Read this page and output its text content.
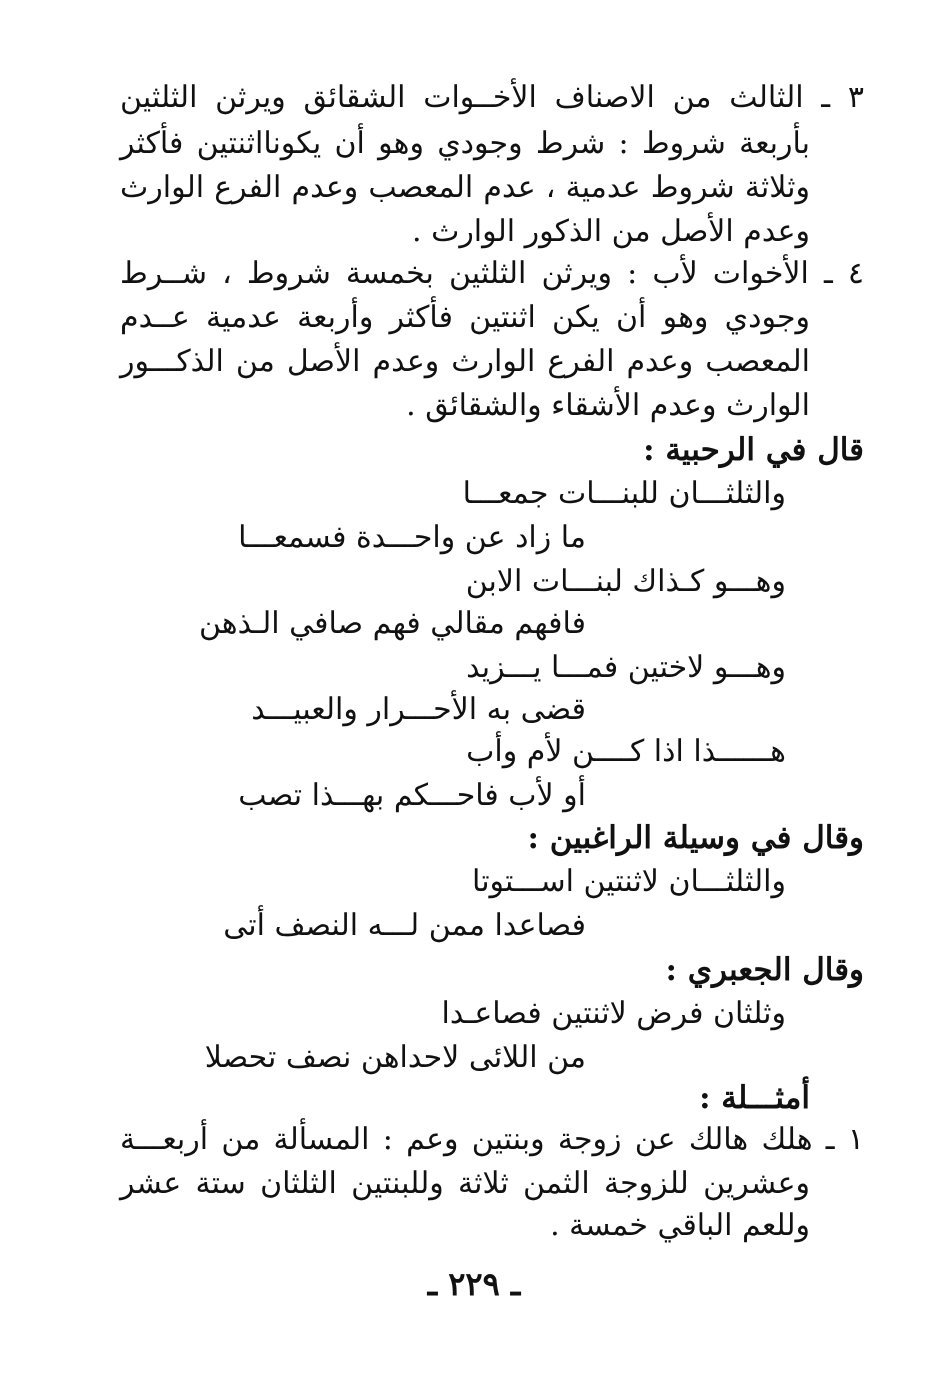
٣ ـ الثالث من الاصناف الأخــوات الشقائق ويرثن الثلثين
بأربعة شروط : شرط وجودي وهو أن يكونااثنتين فأكثر
وثلاثة شروط عدمية ، عدم المعصب وعدم الفرع الوارث
وعدم الأصل من الذكور الوارث .
٤ ـ الأخوات لأب : ويرثن الثلثين بخمسة شروط ، شــرط
وجودي وهو أن يكن اثنتين فأكثر وأربعة عدمية عــدم
المعصب وعدم الفرع الوارث وعدم الأصل من الذكـــور
الوارث وعدم الأشقاء والشقائق .
قال في الرحبية :
والثلثـــان للبنـــات جمعـــا
ما زاد عن واحـــدة فسمعـــا
وهـــو كـذاك لبنـــات الابن
فافهم مقالي فهم صافي الـذهن
وهـــو لاختين فمـــا يـــزيد
قضى به الأحـــرار والعبيـــد
هــــــذا اذا كــــن لأم وأب
أو لأب فاحـــكم بهـــذا تصب
وقال في وسيلة الراغبين :
والثلثـــان لاثنتين اســـتوتا
فصاعدا ممن لـــه النصف أتى
وقال الجعبري :
وثلثان فرض لاثنتين فصاعـدا
من اللائى لاحداهن نصف تحصلا
أمثـــلة :
١ ـ هلك هالك عن زوجة وبنتين وعم : المسألة من أربعـــة
وعشرين للزوجة الثمن ثلاثة وللبنتين الثلثان ستة عشر
وللعم الباقي خمسة .
ـ ٢٢٩ ـ
